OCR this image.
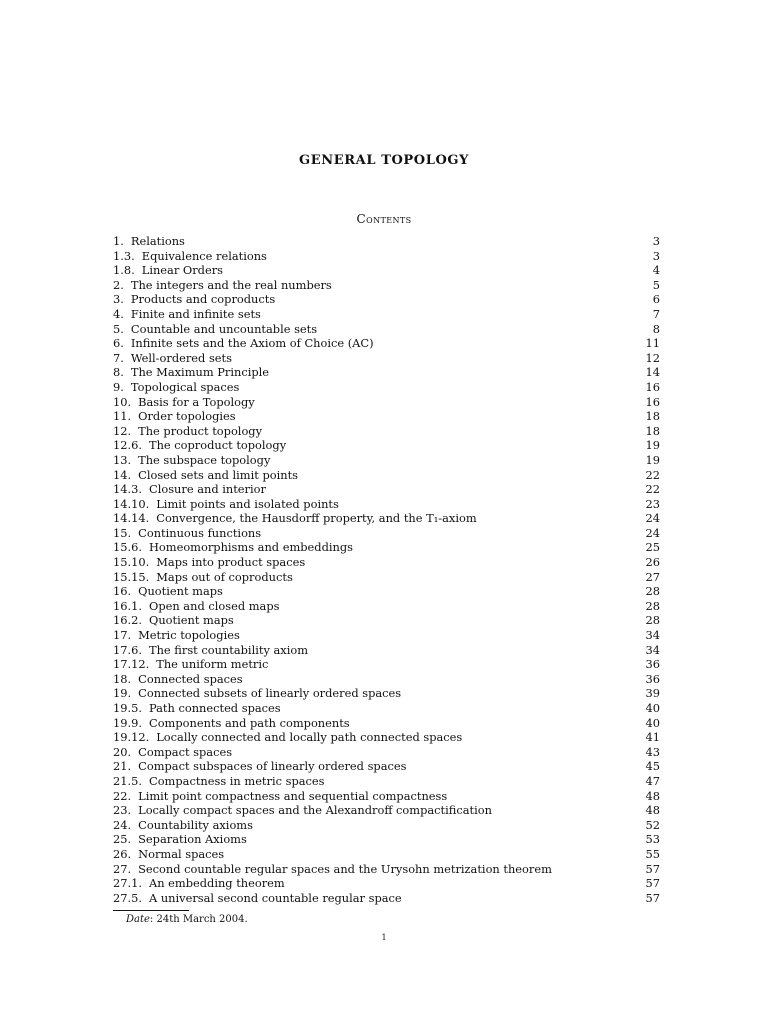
GENERAL TOPOLOGY
Contents
1. Relations	3
1.3. Equivalence relations	3
1.8. Linear Orders	4
2. The integers and the real numbers	5
3. Products and coproducts	6
4. Finite and infinite sets	7
5. Countable and uncountable sets	8
6. Infinite sets and the Axiom of Choice (AC)	11
7. Well-ordered sets	12
8. The Maximum Principle	14
9. Topological spaces	16
10. Basis for a Topology	16
11. Order topologies	18
12. The product topology	18
12.6. The coproduct topology	19
13. The subspace topology	19
14. Closed sets and limit points	22
14.3. Closure and interior	22
14.10. Limit points and isolated points	23
14.14. Convergence, the Hausdorff property, and the T₁-axiom	24
15. Continuous functions	24
15.6. Homeomorphisms and embeddings	25
15.10. Maps into product spaces	26
15.15. Maps out of coproducts	27
16. Quotient maps	28
16.1. Open and closed maps	28
16.2. Quotient maps	28
17. Metric topologies	34
17.6. The first countability axiom	34
17.12. The uniform metric	36
18. Connected spaces	36
19. Connected subsets of linearly ordered spaces	39
19.5. Path connected spaces	40
19.9. Components and path components	40
19.12. Locally connected and locally path connected spaces	41
20. Compact spaces	43
21. Compact subspaces of linearly ordered spaces	45
21.5. Compactness in metric spaces	47
22. Limit point compactness and sequential compactness	48
23. Locally compact spaces and the Alexandroff compactification	48
24. Countability axioms	52
25. Separation Axioms	53
26. Normal spaces	55
27. Second countable regular spaces and the Urysohn metrization theorem	57
27.1. An embedding theorem	57
27.5. A universal second countable regular space	57
Date: 24th March 2004.
1
